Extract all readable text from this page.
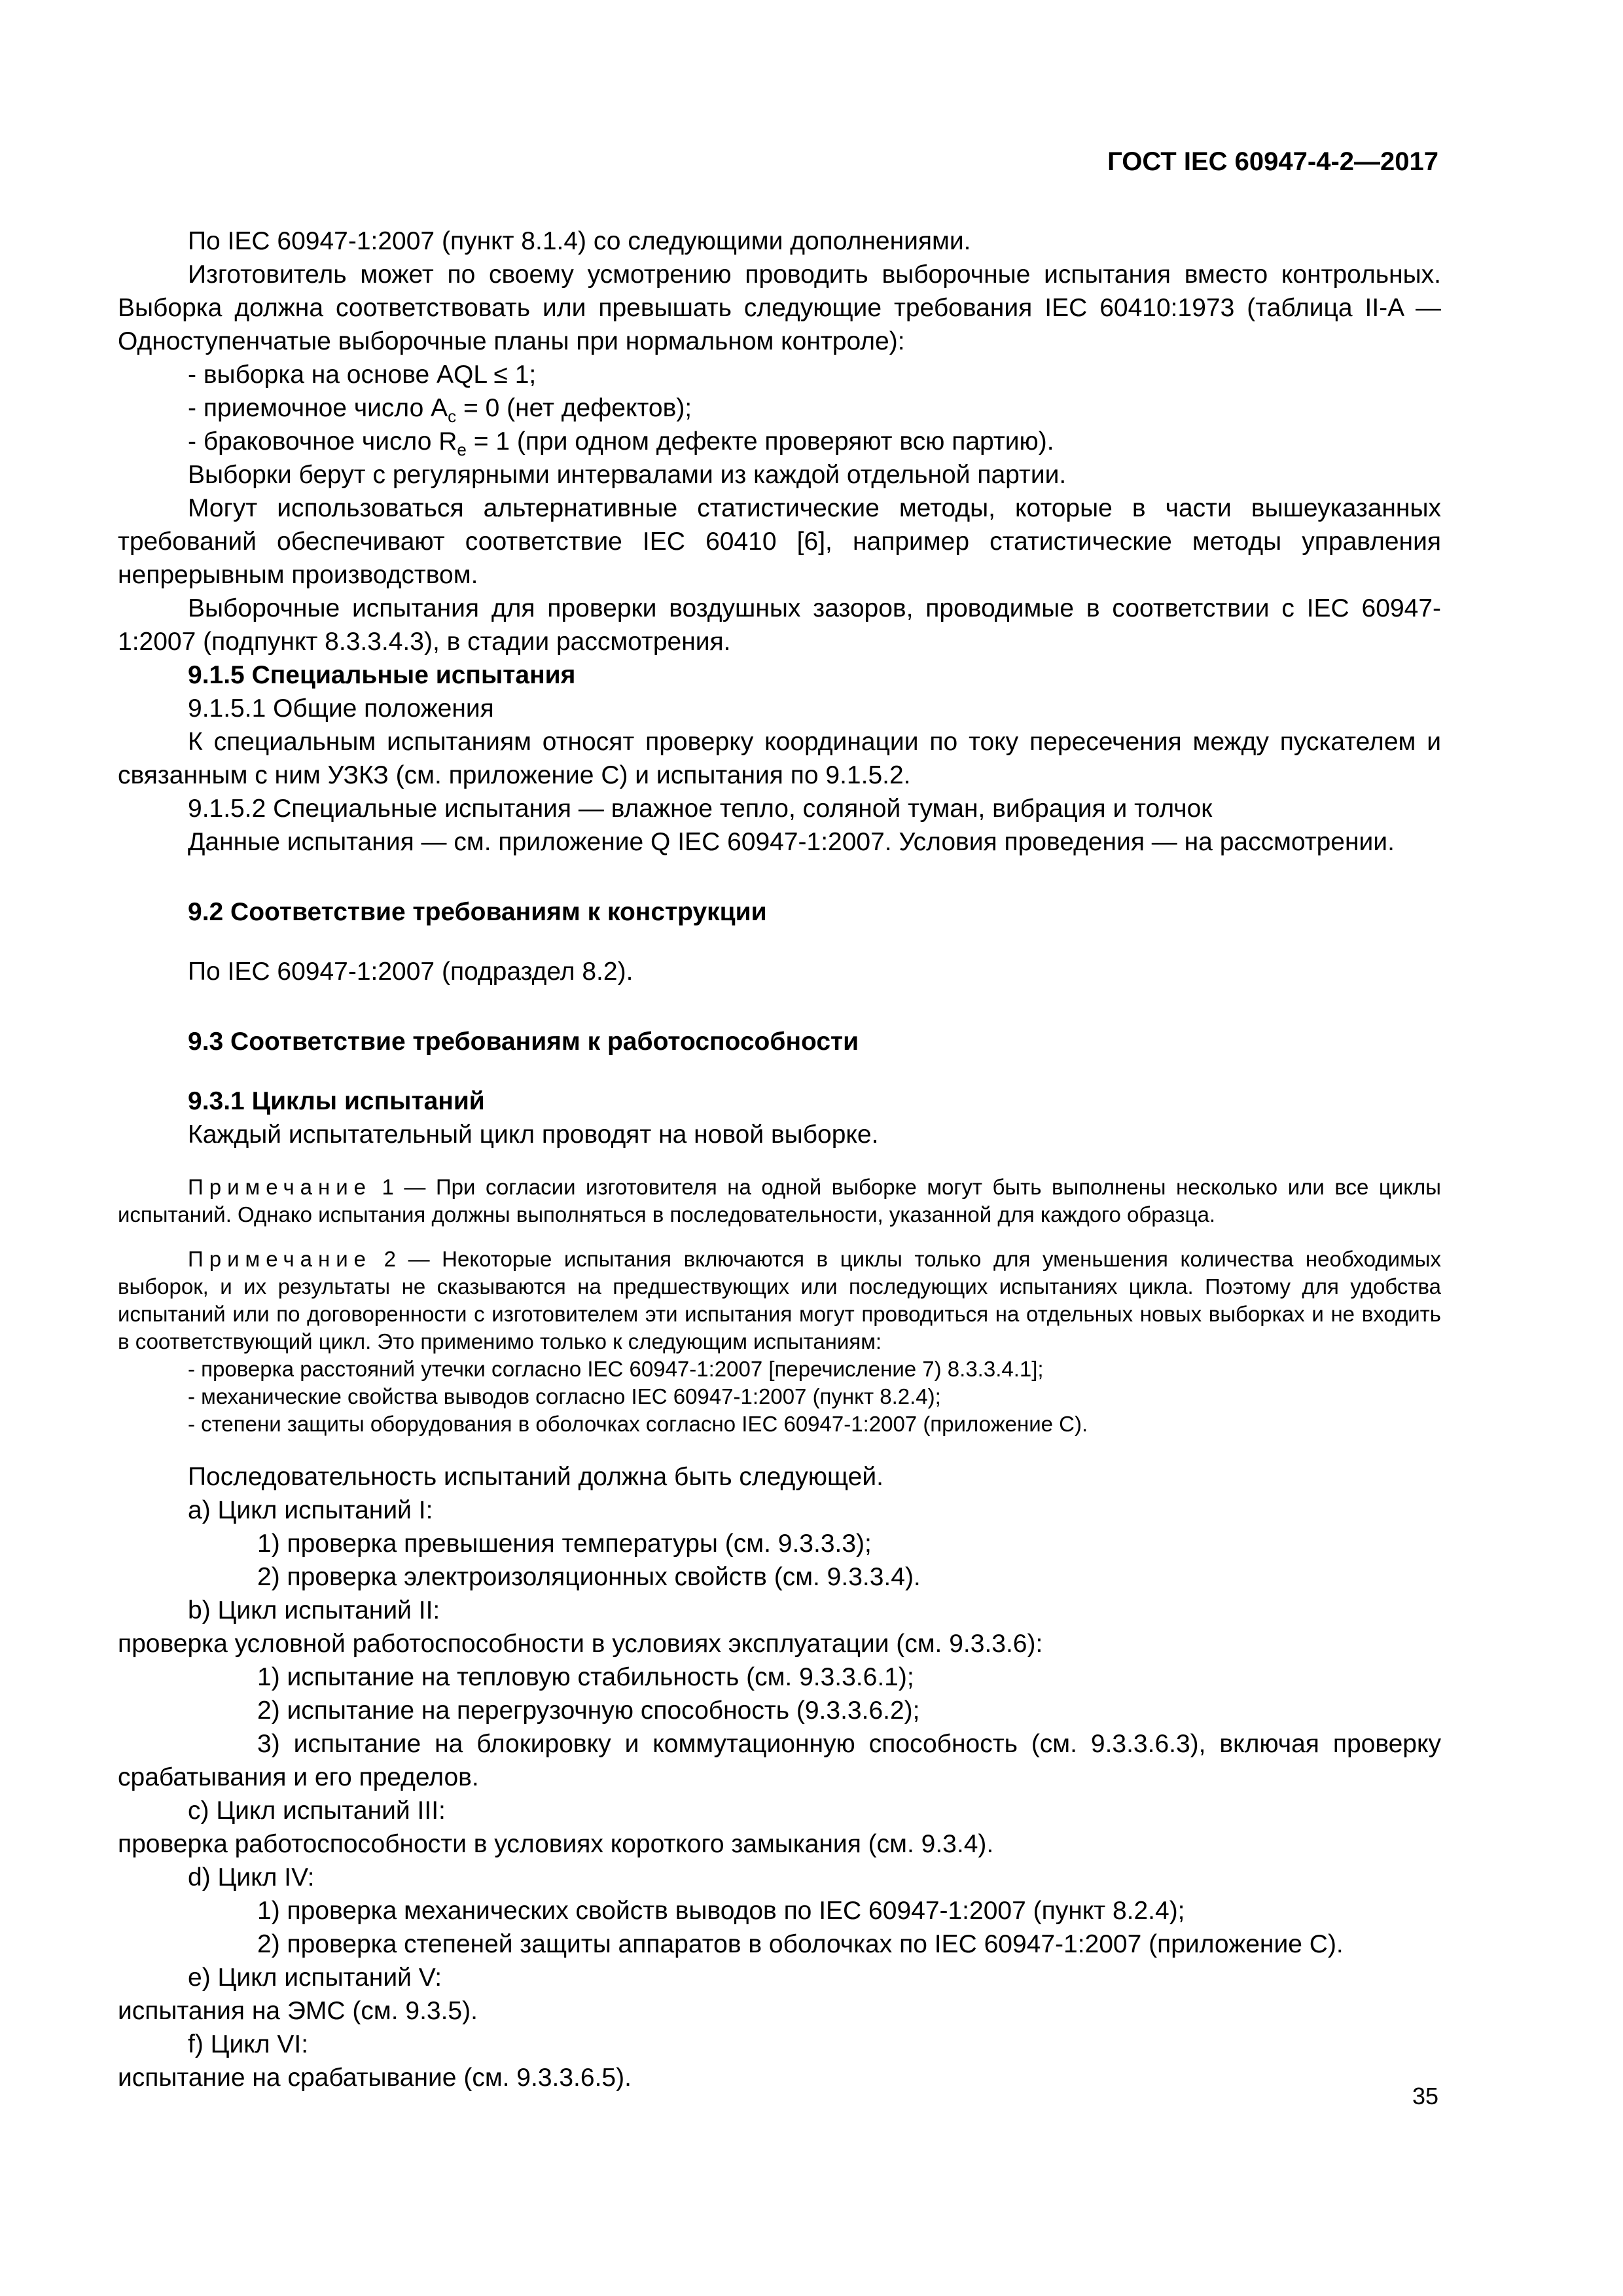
ГОСТ IEC 60947-4-2—2017

По IEC 60947-1:2007 (пункт 8.1.4) со следующими дополнениями.

Изготовитель может по своему усмотрению проводить выборочные испытания вместо контрольных. Выборка должна соответствовать или превышать следующие требования IEC 60410:1973 (таблица II-A — Одноступенчатые выборочные планы при нормальном контроле):

- выборка на основе AQL ≤ 1;

- приемочное число $A_c = 0$ (нет дефектов);

- браковочное число $R_e = 1$ (при одном дефекте проверяют всю партию).

Выборки берут с регулярными интервалами из каждой отдельной партии.

Могут использоваться альтернативные статистические методы, которые в части вышеуказанных требований обеспечивают соответствие IEC 60410 [6], например статистические методы управления непрерывным производством.

Выборочные испытания для проверки воздушных зазоров, проводимые в соответствии с IEC 60947-1:2007 (подпункт 8.3.3.4.3), в стадии рассмотрения.

9.1.5 Специальные испытания

9.1.5.1 Общие положения

К специальным испытаниям относят проверку координации по току пересечения между пускателем и связанным с ним УЗКЗ (см. приложение C) и испытания по 9.1.5.2.

9.1.5.2 Специальные испытания — влажное тепло, соляной туман, вибрация и толчок

Данные испытания — см. приложение Q IEC 60947-1:2007. Условия проведения — на рассмотрении.

9.2 Соответствие требованиям к конструкции

По IEC 60947-1:2007 (подраздел 8.2).

9.3 Соответствие требованиям к работоспособности

9.3.1 Циклы испытаний

Каждый испытательный цикл проводят на новой выборке.

Примечание 1 — При согласии изготовителя на одной выборке могут быть выполнены несколько или все циклы испытаний. Однако испытания должны выполняться в последовательности, указанной для каждого образца.

Примечание 2 — Некоторые испытания включаются в циклы только для уменьшения количества необходимых выборок, и их результаты не сказываются на предшествующих или последующих испытаниях цикла. Поэтому для удобства испытаний или по договоренности с изготовителем эти испытания могут проводиться на отдельных новых выборках и не входить в соответствующий цикл. Это применимо только к следующим испытаниям:

- проверка расстояний утечки согласно IEC 60947-1:2007 [перечисление 7) 8.3.3.4.1];

- механические свойства выводов согласно IEC 60947-1:2007 (пункт 8.2.4);

- степени защиты оборудования в оболочках согласно IEC 60947-1:2007 (приложение C).

Последовательность испытаний должна быть следующей.

a) Цикл испытаний I:

1) проверка превышения температуры (см. 9.3.3.3);

2) проверка электроизоляционных свойств (см. 9.3.3.4).

b) Цикл испытаний II:

проверка условной работоспособности в условиях эксплуатации (см. 9.3.3.6):

1) испытание на тепловую стабильность (см. 9.3.3.6.1);

2) испытание на перегрузочную способность (9.3.3.6.2);

3) испытание на блокировку и коммутационную способность (см. 9.3.3.6.3), включая проверку срабатывания и его пределов.

c) Цикл испытаний III:

проверка работоспособности в условиях короткого замыкания (см. 9.3.4).

d) Цикл IV:

1) проверка механических свойств выводов по IEC 60947-1:2007 (пункт 8.2.4);

2) проверка степеней защиты аппаратов в оболочках по IEC 60947-1:2007 (приложение C).

e) Цикл испытаний V:

испытания на ЭМС (см. 9.3.5).

f) Цикл VI:

испытание на срабатывание (см. 9.3.3.6.5).

35
